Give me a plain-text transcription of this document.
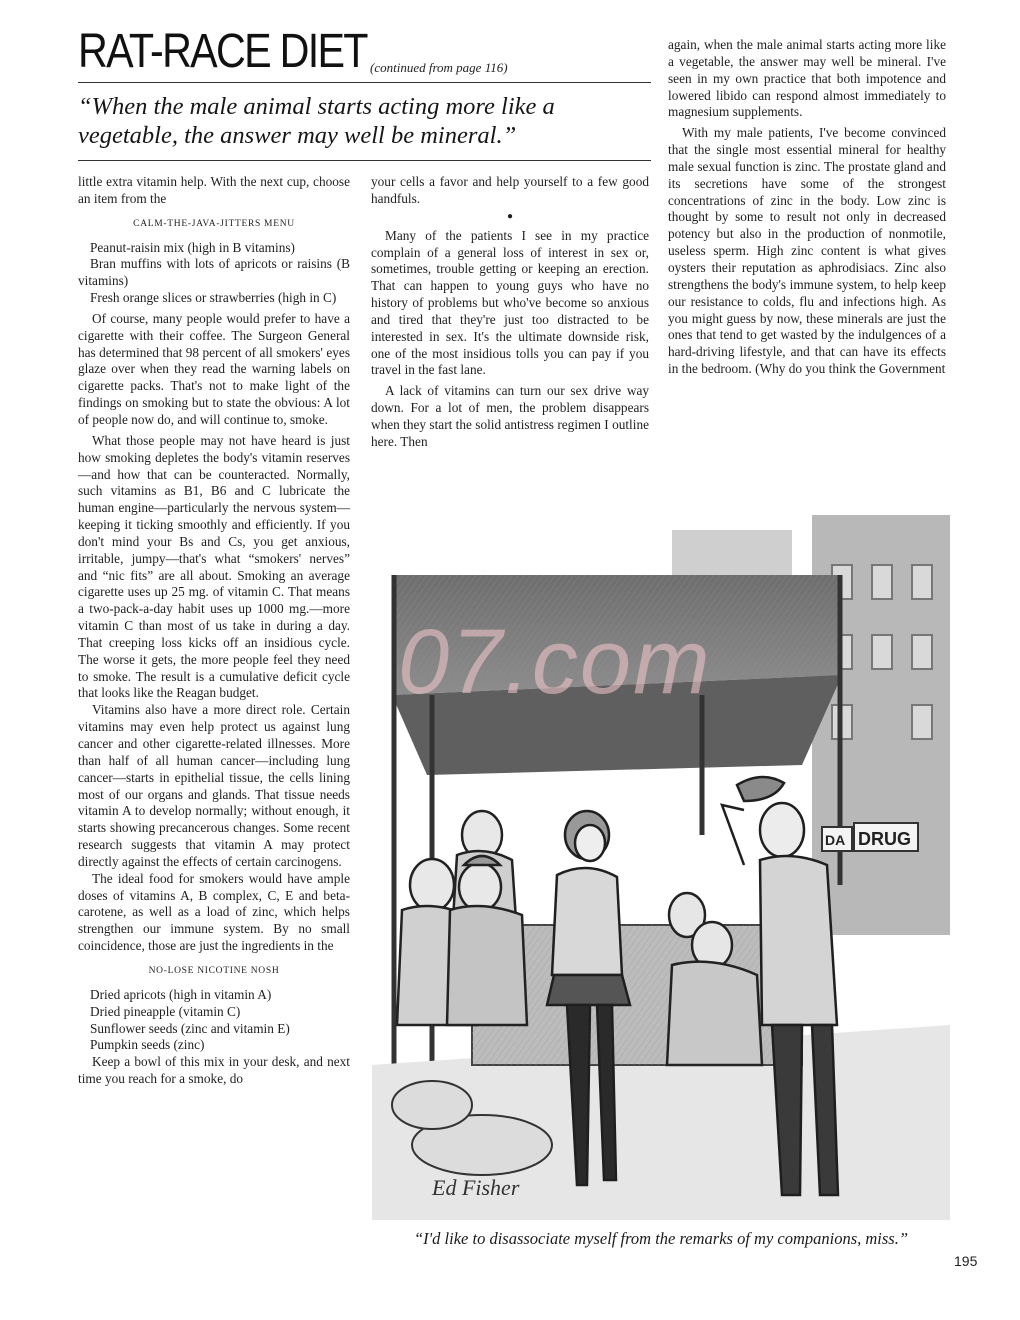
RAT-RACE DIET (continued from page 116)
“When the male animal starts acting more like a vegetable, the answer may well be mineral.”

little extra vitamin help. With the next cup, choose an item from the

CALM-THE-JAVA-JITTERS MENU

Peanut-raisin mix (high in B vitamins)

Bran muffins with lots of apricots or raisins (B vitamins)

Fresh orange slices or strawberries (high in C)

Of course, many people would prefer to have a cigarette with their coffee. The Surgeon General has determined that 98 percent of all smokers' eyes glaze over when they read the warning labels on cigarette packs. That's not to make light of the findings on smoking but to state the obvious: A lot of people now do, and will continue to, smoke.

What those people may not have heard is just how smoking depletes the body's vitamin reserves—and how that can be counteracted. Normally, such vitamins as B1, B6 and C lubricate the human engine—particularly the nervous system—keeping it ticking smoothly and efficiently. If you don't mind your Bs and Cs, you get anxious, irritable, jumpy—that's what “smokers' nerves” and “nic fits” are all about. Smoking an average cigarette uses up 25 mg. of vitamin C. That means a two-pack-a-day habit uses up 1000 mg.—more vitamin C than most of us take in during a day. That creeping loss kicks off an insidious cycle. The worse it gets, the more people feel they need to smoke. The result is a cumulative deficit cycle that looks like the Reagan budget.

Vitamins also have a more direct role. Certain vitamins may even help protect us against lung cancer and other cigarette-related illnesses. More than half of all human cancer—including lung cancer—starts in epithelial tissue, the cells lining most of our organs and glands. That tissue needs vitamin A to develop normally; without enough, it starts showing precancerous changes. Some recent research suggests that vitamin A may protect directly against the effects of certain carcinogens.

The ideal food for smokers would have ample doses of vitamins A, B complex, C, E and beta-carotene, as well as a load of zinc, which helps strengthen our immune system. By no small coincidence, those are just the ingredients in the

NO-LOSE NICOTINE NOSH

Dried apricots (high in vitamin A)

Dried pineapple (vitamin C)

Sunflower seeds (zinc and vitamin E)

Pumpkin seeds (zinc)

Keep a bowl of this mix in your desk, and next time you reach for a smoke, do

your cells a favor and help yourself to a few good handfuls.

●

Many of the patients I see in my practice complain of a general loss of interest in sex or, sometimes, trouble getting or keeping an erection. That can happen to young guys who have no history of problems but who've become so anxious and tired that they're just too distracted to be interested in sex. It's the ultimate downside risk, one of the most insidious tolls you can pay if you travel in the fast lane.

A lack of vitamins can turn our sex drive way down. For a lot of men, the problem disappears when they start the solid antistress regimen I outline here. Then

again, when the male animal starts acting more like a vegetable, the answer may well be mineral. I've seen in my own practice that both impotence and lowered libido can respond almost immediately to magnesium supplements.

With my male patients, I've become convinced that the single most essential mineral for healthy male sexual function is zinc. The prostate gland and its secretions have some of the strongest concentrations of zinc in the body. Low zinc is thought by some to result not only in decreased potency but also in the production of nonmotile, useless sperm. High zinc content is what gives oysters their reputation as aphrodisiacs. Zinc also strengthens the body's immune system, to help keep our resistance to colds, flu and infections high. As you might guess by now, these minerals are just the ones that tend to get wasted by the indulgences of a hard-driving lifestyle, and that can have its effects in the bedroom. (Why do you think the Government

DRUG
DA
Ed Fisher
“I'd like to disassociate myself from the remarks of my companions, miss.”
195
07.com
